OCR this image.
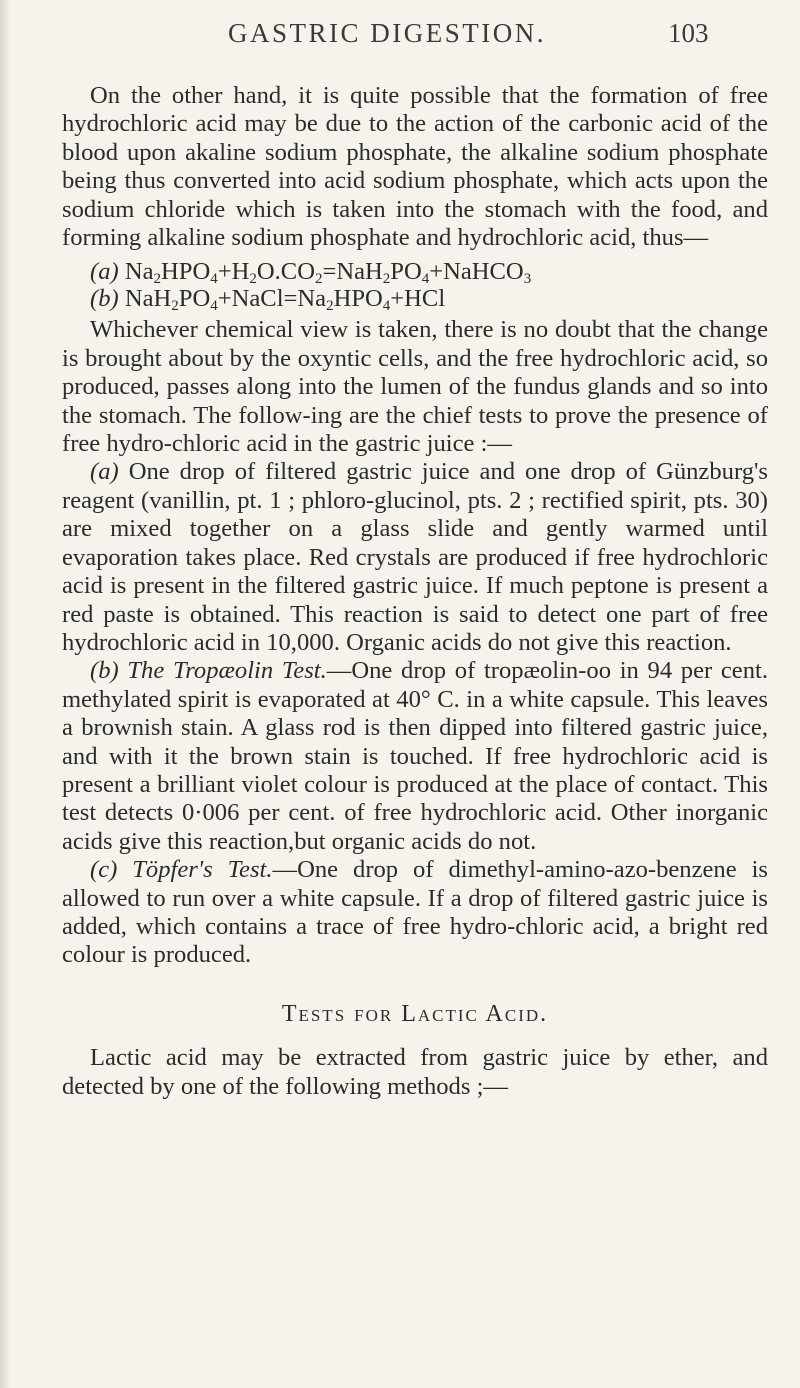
GASTRIC DIGESTION.	103

On the other hand, it is quite possible that the formation of free hydrochloric acid may be due to the action of the carbonic acid of the blood upon akaline sodium phosphate, the alkaline sodium phosphate being thus converted into acid sodium phosphate, which acts upon the sodium chloride which is taken into the stomach with the food, and forming alkaline sodium phosphate and hydrochloric acid, thus—

(a) $Na_2HPO_4+H_2O.CO_2=NaH_2PO_4+NaHCO_3$
(b) $NaH_2PO_4+NaCl=Na_2HPO_4+HCl$

Whichever chemical view is taken, there is no doubt that the change is brought about by the oxyntic cells, and the free hydrochloric acid, so produced, passes along into the lumen of the fundus glands and so into the stomach. The follow-ing are the chief tests to prove the presence of free hydro-chloric acid in the gastric juice :—

(a) One drop of filtered gastric juice and one drop of Günzburg's reagent (vanillin, pt. 1 ; phloro-glucinol, pts. 2 ; rectified spirit, pts. 30) are mixed together on a glass slide and gently warmed until evaporation takes place. Red crystals are produced if free hydrochloric acid is present in the filtered gastric juice. If much peptone is present a red paste is obtained. This reaction is said to detect one part of free hydrochloric acid in 10,000. Organic acids do not give this reaction.

(b) The Tropæolin Test.—One drop of tropæolin-oo in 94 per cent. methylated spirit is evaporated at 40° C. in a white capsule. This leaves a brownish stain. A glass rod is then dipped into filtered gastric juice, and with it the brown stain is touched. If free hydrochloric acid is present a brilliant violet colour is produced at the place of contact. This test detects 0·006 per cent. of free hydrochloric acid. Other inorganic acids give this reaction,but organic acids do not.

(c) Töpfer's Test.—One drop of dimethyl-amino-azo-benzene is allowed to run over a white capsule. If a drop of filtered gastric juice is added, which contains a trace of free hydro-chloric acid, a bright red colour is produced.

Tests for Lactic Acid.

Lactic acid may be extracted from gastric juice by ether, and detected by one of the following methods ;—
